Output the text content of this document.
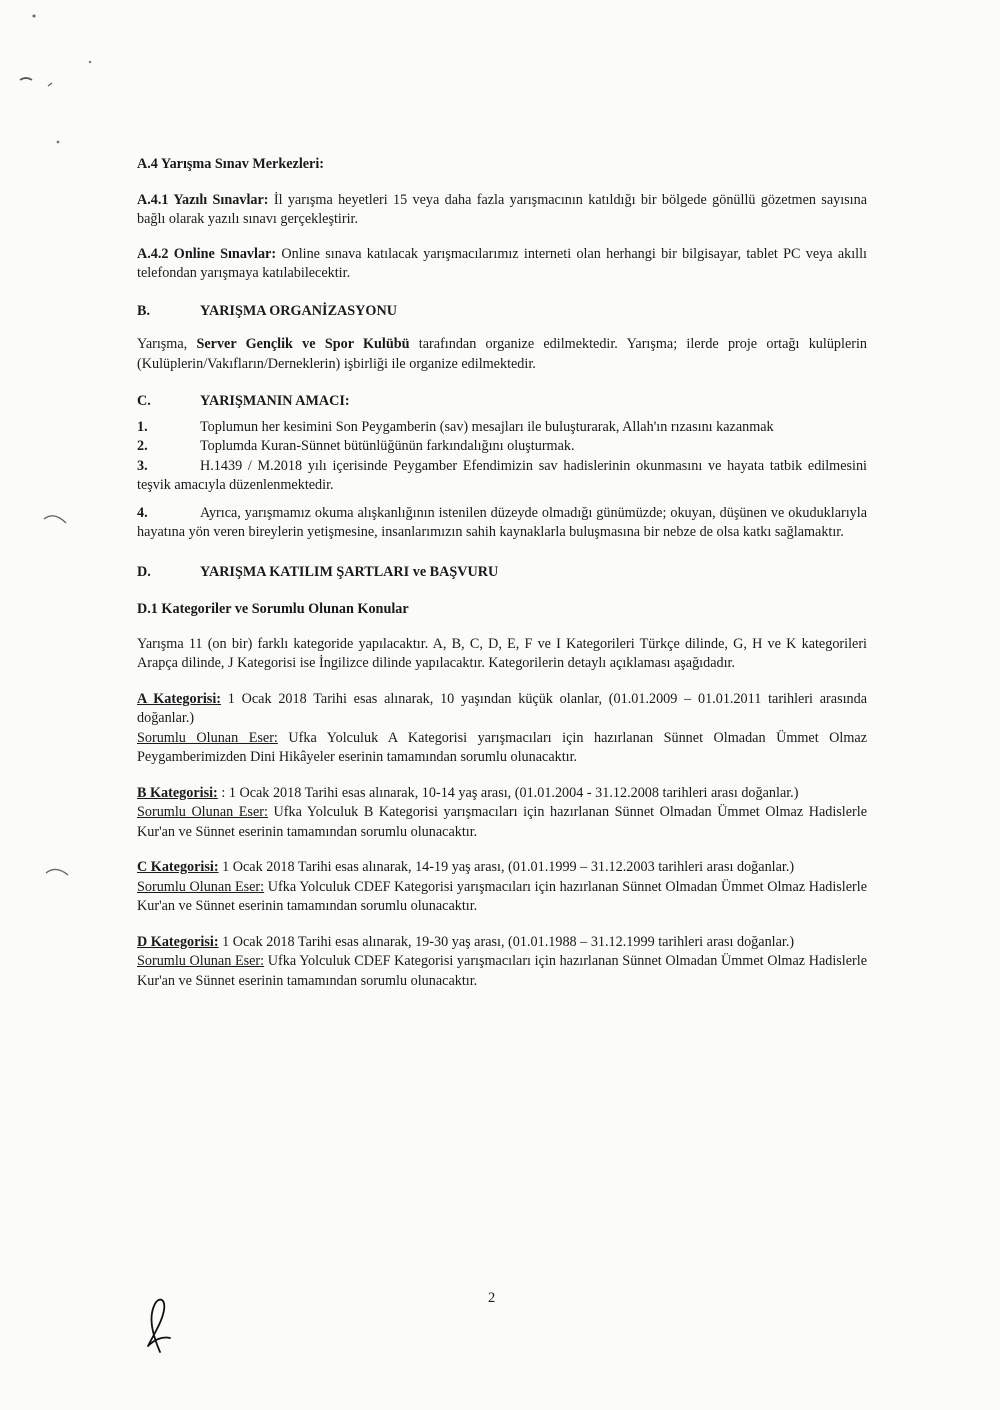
A.4 Yarışma Sınav Merkezleri:

A.4.1 Yazılı Sınavlar: İl yarışma heyetleri 15 veya daha fazla yarışmacının katıldığı bir bölgede gönüllü gözetmen sayısına bağlı olarak yazılı sınavı gerçekleştirir.

A.4.2 Online Sınavlar: Online sınava katılacak yarışmacılarımız interneti olan herhangi bir bilgisayar, tablet PC veya akıllı telefondan yarışmaya katılabilecektir.

B.	YARIŞMA ORGANİZASYONU

Yarışma, Server Gençlik ve Spor Kulübü tarafından organize edilmektedir. Yarışma; ilerde proje ortağı kulüplerin (Kulüplerin/Vakıfların/Derneklerin) işbirliği ile organize edilmektedir.

C.	YARIŞMANIN AMACI:
1.	Toplumun her kesimini Son Peygamberin (sav) mesajları ile buluşturarak, Allah'ın rızasını kazanmak
2.	Toplumda Kuran-Sünnet bütünlüğünün farkındalığını oluşturmak.

3.	H.1439 / M.2018 yılı içerisinde Peygamber Efendimizin sav hadislerinin okunmasını ve hayata tatbik edilmesini teşvik amacıyla düzenlenmektedir.

4.	Ayrıca, yarışmamız okuma alışkanlığının istenilen düzeyde olmadığı günümüzde; okuyan, düşünen ve okuduklarıyla hayatına yön veren bireylerin yetişmesine, insanlarımızın sahih kaynaklarla buluşmasına bir nebze de olsa katkı sağlamaktır.

D.	YARIŞMA KATILIM ŞARTLARI ve BAŞVURU

D.1 Kategoriler ve Sorumlu Olunan Konular

Yarışma 11 (on bir) farklı kategoride yapılacaktır. A, B, C, D, E, F ve I Kategorileri Türkçe dilinde, G, H ve K kategorileri Arapça dilinde, J Kategorisi ise İngilizce dilinde yapılacaktır. Kategorilerin detaylı açıklaması aşağıdadır.

A Kategorisi: 1 Ocak 2018 Tarihi esas alınarak, 10 yaşından küçük olanlar, (01.01.2009 – 01.01.2011 tarihleri arasında doğanlar.)
Sorumlu Olunan Eser: Ufka Yolculuk A Kategorisi yarışmacıları için hazırlanan Sünnet Olmadan Ümmet Olmaz Peygamberimizden Dini Hikâyeler eserinin tamamından sorumlu olunacaktır.
B Kategorisi: : 1 Ocak 2018 Tarihi esas alınarak, 10-14 yaş arası, (01.01.2004 - 31.12.2008 tarihleri arası doğanlar.)
Sorumlu Olunan Eser: Ufka Yolculuk B Kategorisi yarışmacıları için hazırlanan Sünnet Olmadan Ümmet Olmaz Hadislerle Kur'an ve Sünnet eserinin tamamından sorumlu olunacaktır.
C Kategorisi: 1 Ocak 2018 Tarihi esas alınarak, 14-19 yaş arası, (01.01.1999 – 31.12.2003 tarihleri arası doğanlar.)
Sorumlu Olunan Eser: Ufka Yolculuk CDEF Kategorisi yarışmacıları için hazırlanan Sünnet Olmadan Ümmet Olmaz Hadislerle Kur'an ve Sünnet eserinin tamamından sorumlu olunacaktır.
D Kategorisi: 1 Ocak 2018 Tarihi esas alınarak, 19-30 yaş arası, (01.01.1988 – 31.12.1999 tarihleri arası doğanlar.)
Sorumlu Olunan Eser: Ufka Yolculuk CDEF Kategorisi yarışmacıları için hazırlanan Sünnet Olmadan Ümmet Olmaz Hadislerle Kur'an ve Sünnet eserinin tamamından sorumlu olunacaktır.
2
